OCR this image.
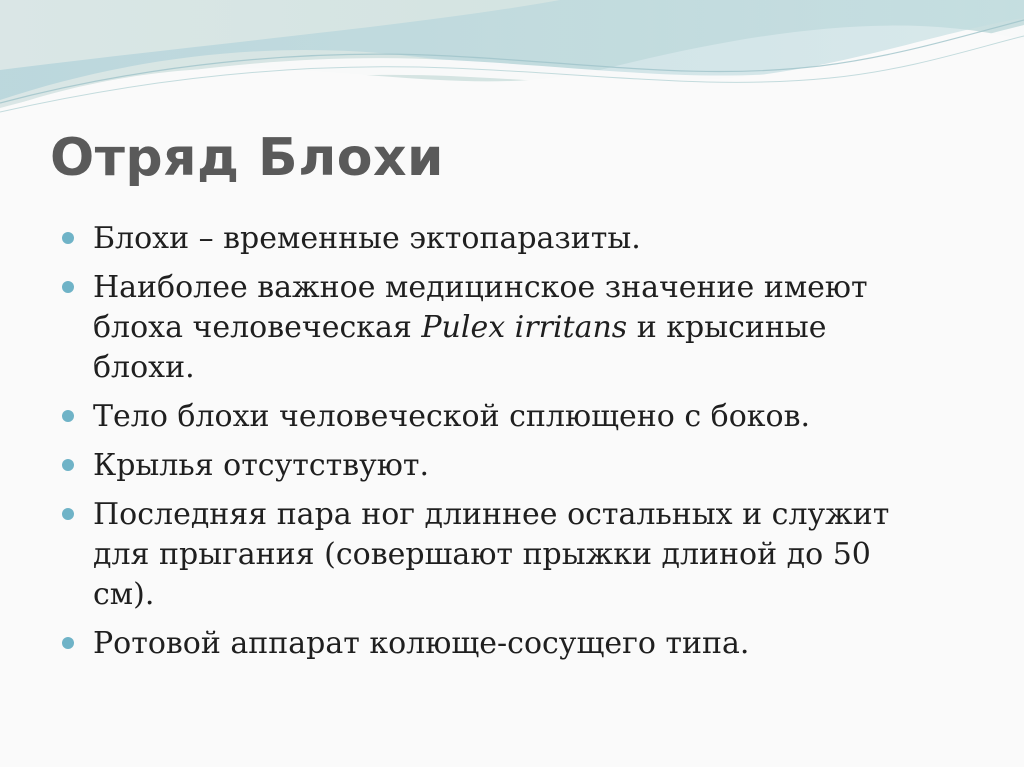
Отряд Блохи
Блохи – временные эктопаразиты.
Наиболее важное медицинское значение имеют
блоха человеческая Pulex irritans и крысиные
блохи.
Тело блохи человеческой сплющено с боков.
Крылья отсутствуют.
Последняя пара ног длиннее остальных и служит
для прыгания (совершают прыжки длиной до 50
см).
Ротовой аппарат колюще-сосущего типа.
